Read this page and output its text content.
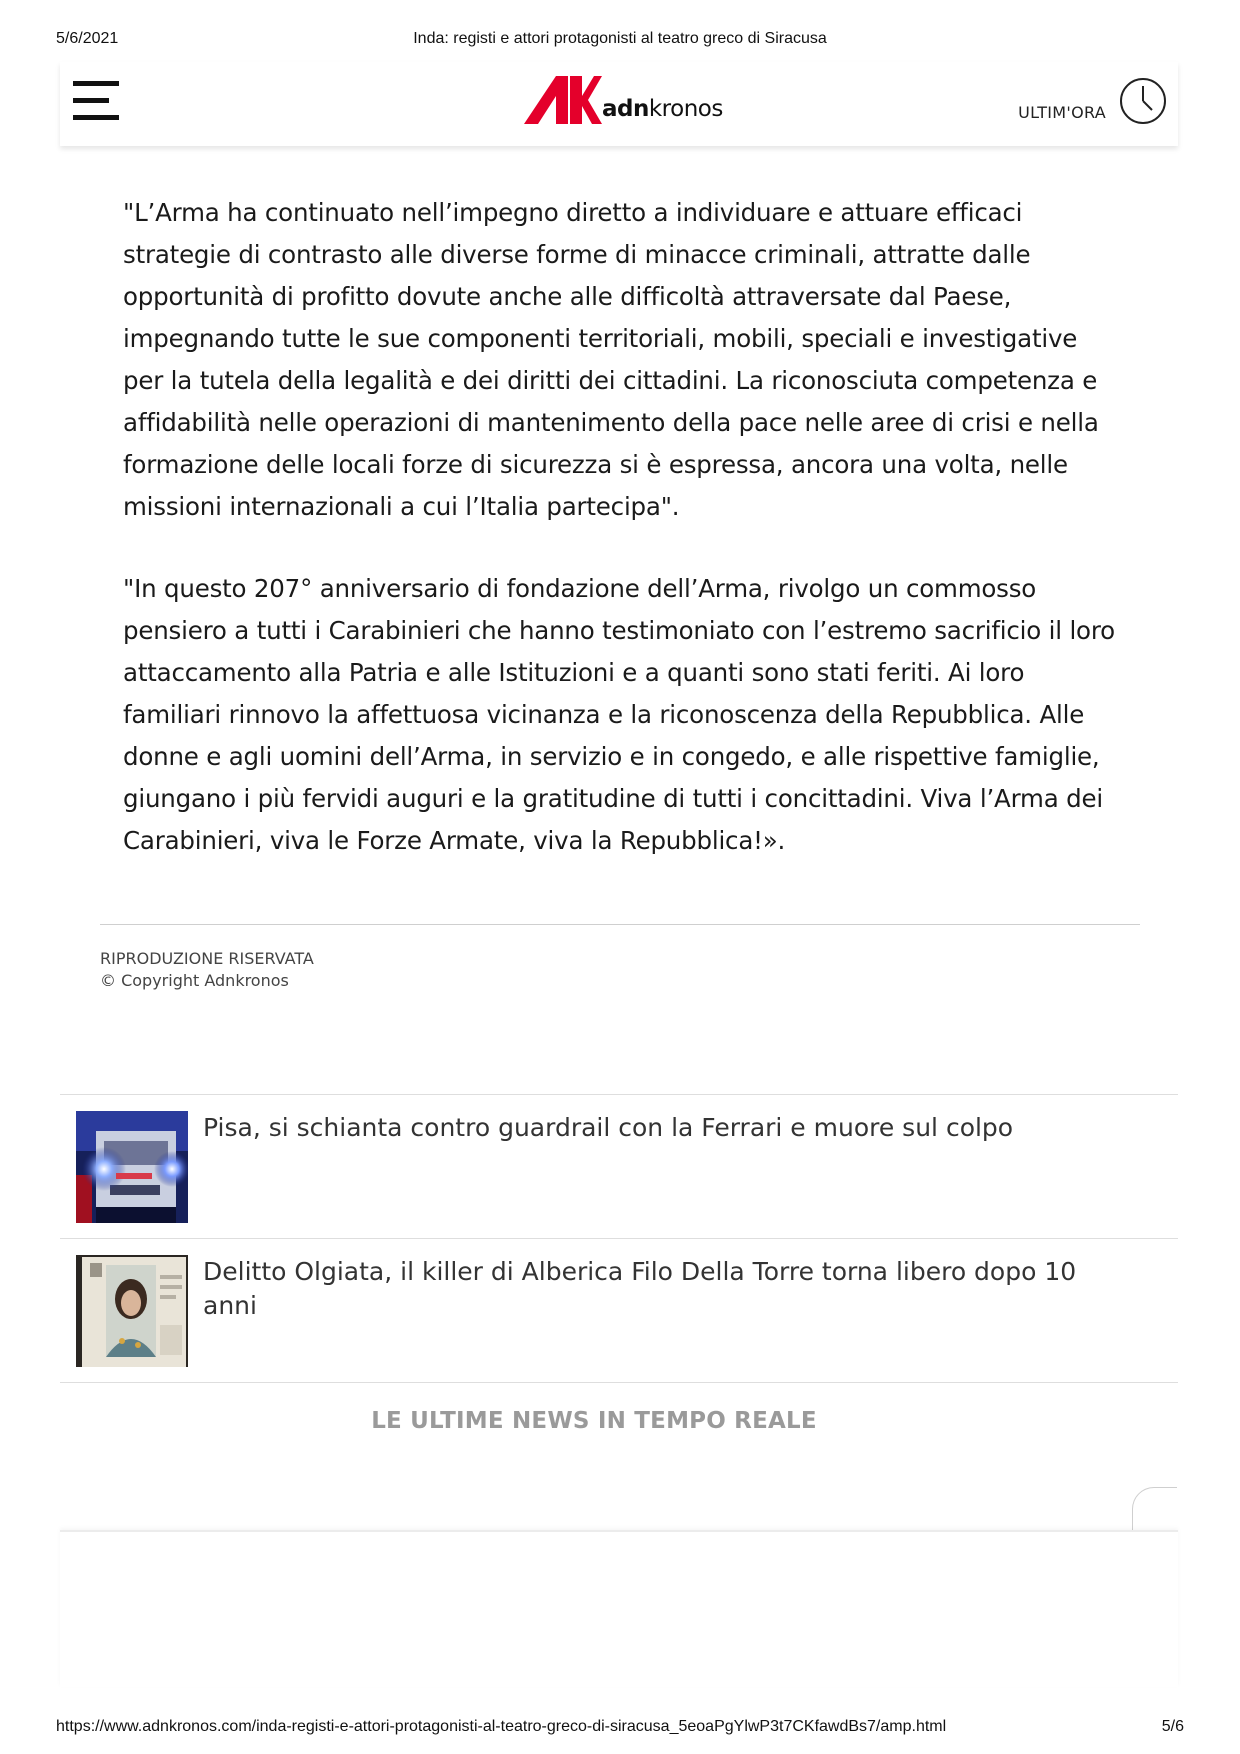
5/6/2021	Inda: registi e attori protagonisti al teatro greco di Siracusa
adnkronos	ULTIM'ORA

"L’Arma ha continuato nell’impegno diretto a individuare e attuare efficaci strategie di contrasto alle diverse forme di minacce criminali, attratte dalle opportunità di profitto dovute anche alle difficoltà attraversate dal Paese, impegnando tutte le sue componenti territoriali, mobili, speciali e investigative per la tutela della legalità e dei diritti dei cittadini. La riconosciuta competenza e affidabilità nelle operazioni di mantenimento della pace nelle aree di crisi e nella formazione delle locali forze di sicurezza si è espressa, ancora una volta, nelle missioni internazionali a cui l’Italia partecipa".

"In questo 207° anniversario di fondazione dell’Arma, rivolgo un commosso pensiero a tutti i Carabinieri che hanno testimoniato con l’estremo sacrificio il loro attaccamento alla Patria e alle Istituzioni e a quanti sono stati feriti. Ai loro familiari rinnovo la affettuosa vicinanza e la riconoscenza della Repubblica. Alle donne e agli uomini dell’Arma, in servizio e in congedo, e alle rispettive famiglie, giungano i più fervidi auguri e la gratitudine di tutti i concittadini. Viva l’Arma dei Carabinieri, viva le Forze Armate, viva la Repubblica!».

RIPRODUZIONE RISERVATA
© Copyright Adnkronos
Pisa, si schianta contro guardrail con la Ferrari e muore sul colpo
Delitto Olgiata, il killer di Alberica Filo Della Torre torna libero dopo 10 anni
LE ULTIME NEWS IN TEMPO REALE
https://www.adnkronos.com/inda-registi-e-attori-protagonisti-al-teatro-greco-di-siracusa_5eoaPgYlwP3t7CKfawdBs7/amp.html	5/6
